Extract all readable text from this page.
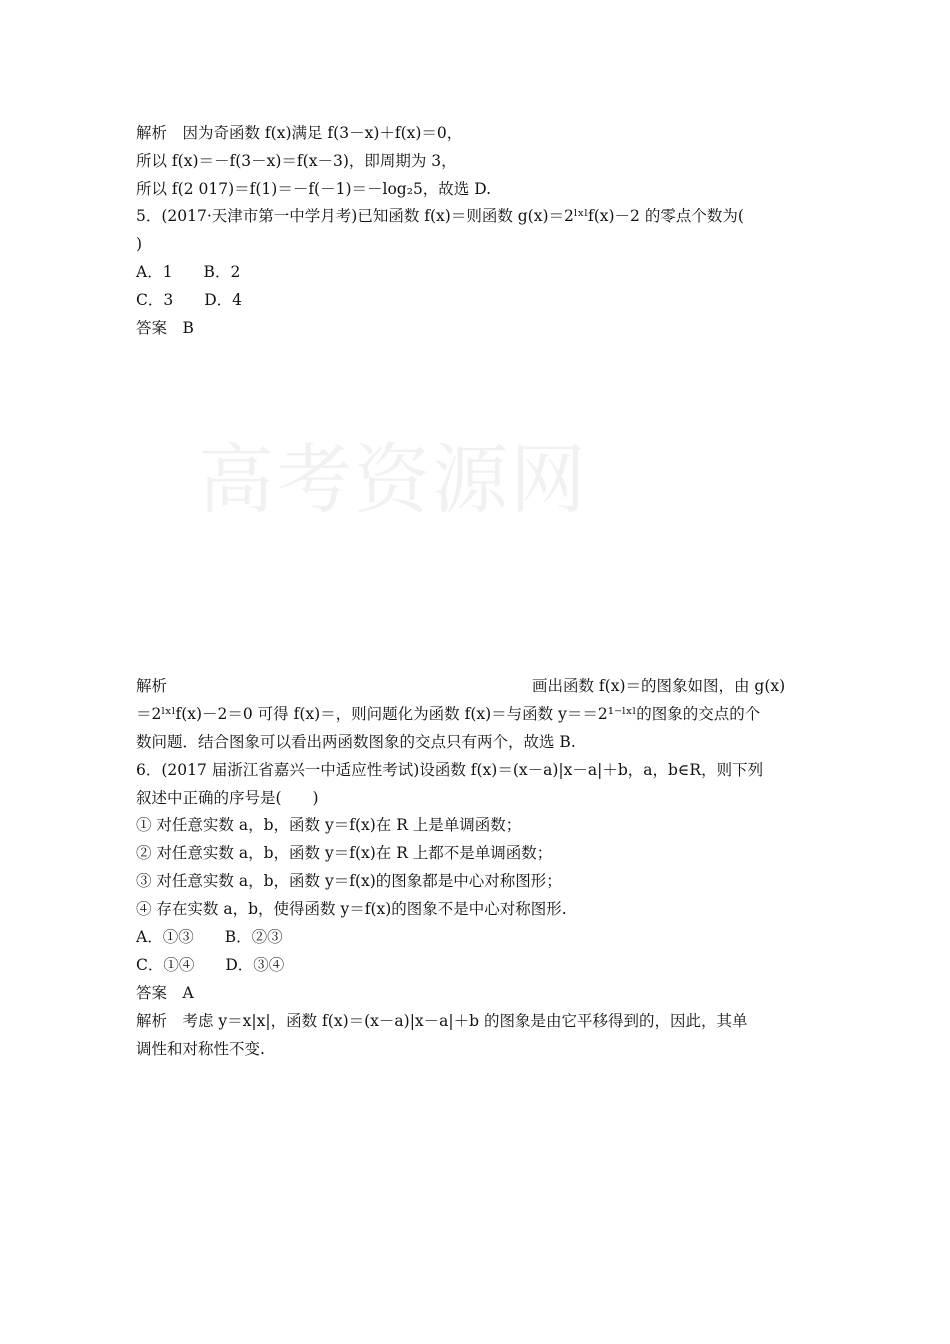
高考资源网
解析　因为奇函数 f(x)满足 f(3－x)＋f(x)＝0，
所以 f(x)＝－f(3－x)＝f(x－3)，即周期为 3，
所以 f(2 017)＝f(1)＝－f(－1)＝－log₂5，故选 D.
5．(2017·天津市第一中学月考)已知函数 f(x)＝则函数 g(x)＝2ˡˣˡf(x)－2 的零点个数为(
)
A．1　　B．2
C．3　　D．4
答案　B
解析	画出函数 f(x)＝的图象如图，由 g(x)
＝2ˡˣˡf(x)－2＝0 可得 f(x)＝，则问题化为函数 f(x)＝与函数 y＝＝2¹⁻ˡˣˡ的图象的交点的个
数问题．结合图象可以看出两函数图象的交点只有两个，故选 B.
6．(2017 届浙江省嘉兴一中适应性考试)设函数 f(x)＝(x－a)|x－a|＋b，a，b∈R，则下列
叙述中正确的序号是(　　)
① 对任意实数 a，b，函数 y＝f(x)在 R 上是单调函数；
② 对任意实数 a，b，函数 y＝f(x)在 R 上都不是单调函数；
③ 对任意实数 a，b，函数 y＝f(x)的图象都是中心对称图形；
④ 存在实数 a，b，使得函数 y＝f(x)的图象不是中心对称图形.
A．①③　　B．②③
C．①④　　D．③④
答案　A
解析　考虑 y＝x|x|，函数 f(x)＝(x－a)|x－a|＋b 的图象是由它平移得到的，因此，其单
调性和对称性不变.
